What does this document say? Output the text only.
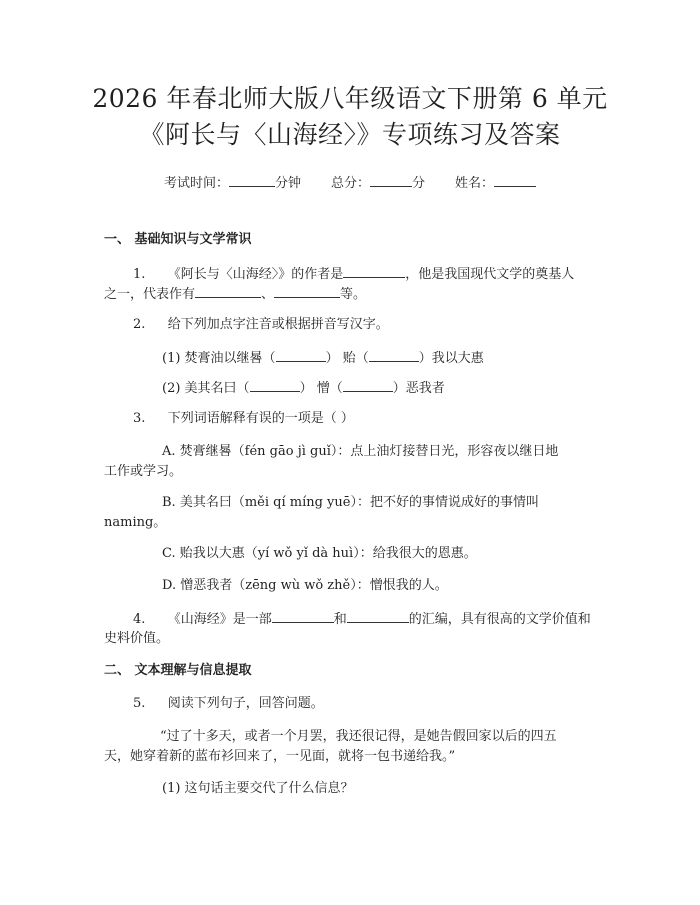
2026 年春北师大版八年级语文下册第 6 单元
《阿长与〈山海经〉》专项练习及答案
考试时间：	分钟 总分：	分 姓名：
一、 基础知识与文学常识
1. 《阿长与〈山海经〉》的作者是	，他是我国现代文学的奠基人
之一，代表作有	、	等。
2. 给下列加点字注音或根据拼音写汉字。
(1) 焚膏油以继晷（	） 贻（	）我以大惠
(2) 美其名曰（	） 憎（	）恶我者
3. 下列词语解释有误的一项是（ ）
A. 焚膏继晷（fén gāo jì guǐ）：点上油灯接替日光，形容夜以继日地
工作或学习。
B. 美其名曰（měi qí míng yuē）：把不好的事情说成好的事情叫
naming。
C. 贻我以大惠（yí wǒ yǐ dà huì）：给我很大的恩惠。
D. 憎恶我者（zēng wù wǒ zhě）：憎恨我的人。
4. 《山海经》是一部	和	的汇编，具有很高的文学价值和
史料价值。
二、 文本理解与信息提取
5. 阅读下列句子，回答问题。
“过了十多天，或者一个月罢，我还很记得，是她告假回家以后的四五
天，她穿着新的蓝布衫回来了，一见面，就将一包书递给我。”
(1) 这句话主要交代了什么信息？
